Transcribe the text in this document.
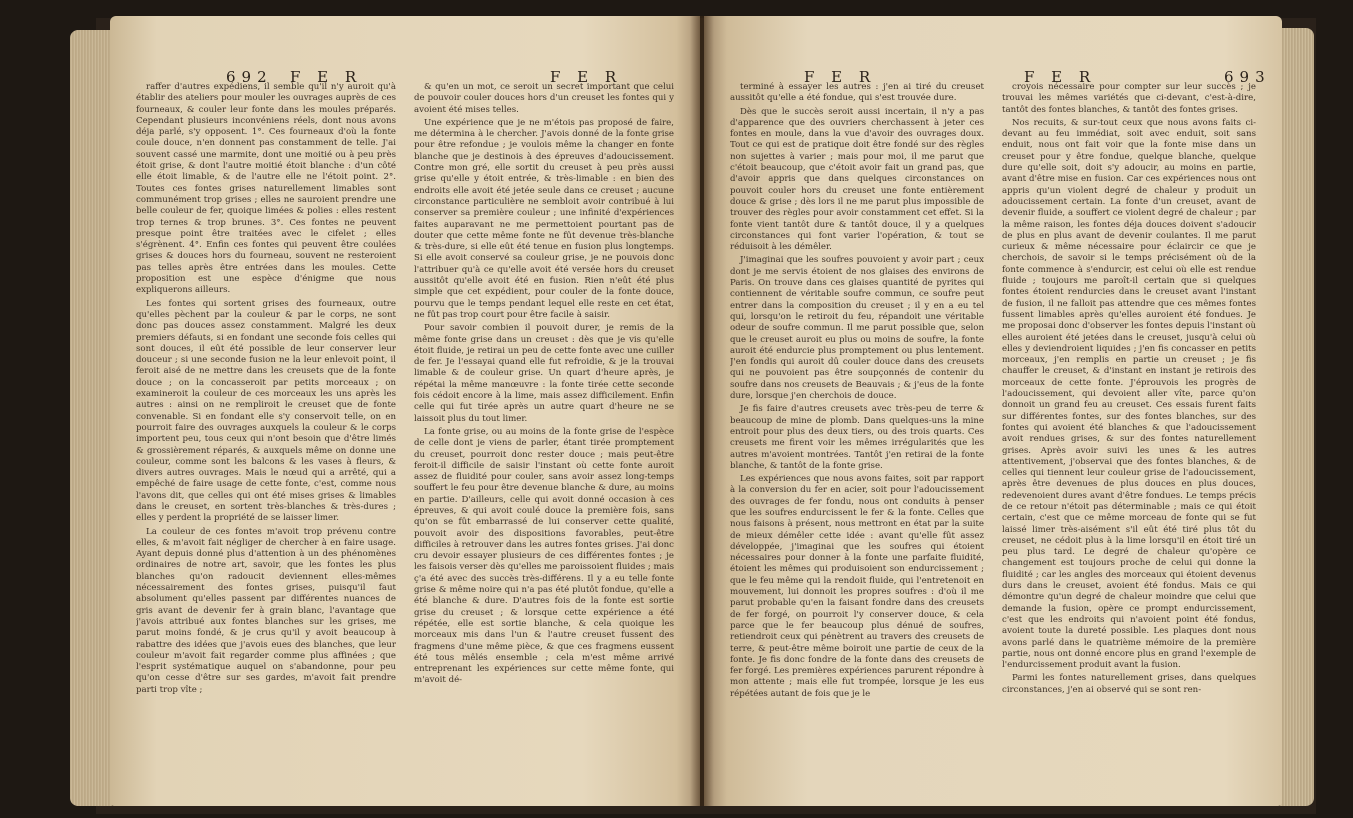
692 F E R	F E R

raffer d'autres expédiens, il semble qu'il n'y auroit qu'à établir des ateliers pour mouler les ouvrages auprès de ces fourneaux, & couler leur fonte dans les moules préparés. Cependant plusieurs inconvéniens réels, dont nous avons déja parlé, s'y opposent. 1°. Ces fourneaux d'où la fonte coule douce, n'en donnent pas constamment de telle. J'ai souvent cassé une marmite, dont une moitié ou à peu près étoit grise, & dont l'autre moitié étoit blanche : d'un côté elle étoit limable, & de l'autre elle ne l'étoit point. 2°. Toutes ces fontes grises naturellement limables sont communément trop grises ; elles ne sauroient prendre une belle couleur de fer, quoique limées & polies : elles restent trop ternes & trop brunes. 3°. Ces fontes ne peuvent presque point être traitées avec le cifelet ; elles s'égrènent. 4°. Enfin ces fontes qui peuvent être coulées grises & douces hors du fourneau, souvent ne resteroient pas telles après être entrées dans les moules. Cette proposition est une espèce d'énigme que nous expliquerons ailleurs.

Les fontes qui sortent grises des fourneaux, outre qu'elles pèchent par la couleur & par le corps, ne sont donc pas douces assez constamment. Malgré les deux premiers défauts, si en fondant une seconde fois celles qui sont douces, il eût été possible de leur conserver leur douceur ; si une seconde fusion ne la leur enlevoit point, il feroit aisé de ne mettre dans les creusets que de la fonte douce ; on la concasseroit par petits morceaux ; on examineroit la couleur de ces morceaux les uns après les autres : ainsi on ne rempliroit le creuset que de fonte convenable. Si en fondant elle s'y conservoit telle, on en pourroit faire des ouvrages auxquels la couleur & le corps importent peu, tous ceux qui n'ont besoin que d'être limés & grossièrement réparés, & auxquels même on donne une couleur, comme sont les balcons & les vases à fleurs, & divers autres ouvrages. Mais le nœud qui a arrêté, qui a empêché de faire usage de cette fonte, c'est, comme nous l'avons dit, que celles qui ont été mises grises & limables dans le creuset, en sortent très-blanches & très-dures ; elles y perdent la propriété de se laisser limer.

La couleur de ces fontes m'avoit trop prévenu contre elles, & m'avoit fait négliger de chercher à en faire usage. Ayant depuis donné plus d'attention à un des phénomènes ordinaires de notre art, savoir, que les fontes les plus blanches qu'on radoucit deviennent elles-mêmes nécessairement des fontes grises, puisqu'il faut absolument qu'elles passent par différentes nuances de gris avant de devenir fer à grain blanc, l'avantage que j'avois attribué aux fontes blanches sur les grises, me parut moins fondé, & je crus qu'il y avoit beaucoup à rabattre des idées que j'avois eues des blanches, que leur couleur m'avoit fait regarder comme plus affinées ; que l'esprit systématique auquel on s'abandonne, pour peu qu'on cesse d'être sur ses gardes, m'avoit fait prendre parti trop vîte ;

& qu'en un mot, ce seroit un secret important que celui de pouvoir couler douces hors d'un creuset les fontes qui y avoient été mises telles.

Une expérience que je ne m'étois pas proposé de faire, me détermina à le chercher. J'avois donné de la fonte grise pour être refondue ; je voulois même la changer en fonte blanche que je destinois à des épreuves d'adoucissement. Contre mon gré, elle sortit du creuset à peu près aussi grise qu'elle y étoit entrée, & très-limable : en bien des endroits elle avoit été jetée seule dans ce creuset ; aucune circonstance particulière ne sembloit avoir contribué à lui conserver sa première couleur ; une infinité d'expériences faites auparavant ne me permettoient pourtant pas de douter que cette même fonte ne fût devenue très-blanche & très-dure, si elle eût été tenue en fusion plus longtemps. Si elle avoit conservé sa couleur grise, je ne pouvois donc l'attribuer qu'à ce qu'elle avoit été versée hors du creuset aussitôt qu'elle avoit été en fusion. Rien n'eût été plus simple que cet expédient, pour couler de la fonte douce, pourvu que le temps pendant lequel elle reste en cet état, ne fût pas trop court pour être facile à saisir.

Pour savoir combien il pouvoit durer, je remis de la même fonte grise dans un creuset : dès que je vis qu'elle étoit fluide, je retirai un peu de cette fonte avec une cuiller de fer. Je l'essayai quand elle fut refroidie, & je la trouvai limable & de couleur grise. Un quart d'heure après, je répétai la même manœuvre : la fonte tirée cette seconde fois cédoit encore à la lime, mais assez difficilement. Enfin celle qui fut tirée après un autre quart d'heure ne se laissoit plus du tout limer.

La fonte grise, ou au moins de la fonte grise de l'espèce de celle dont je viens de parler, étant tirée promptement du creuset, pourroit donc rester douce ; mais peut-être feroit-il difficile de saisir l'instant où cette fonte auroit assez de fluidité pour couler, sans avoir assez long-temps souffert le feu pour être devenue blanche & dure, au moins en partie. D'ailleurs, celle qui avoit donné occasion à ces épreuves, & qui avoit coulé douce la première fois, sans qu'on se fût embarrassé de lui conserver cette qualité, pouvoit avoir des dispositions favorables, peut-être difficiles à retrouver dans les autres fontes grises. J'ai donc cru devoir essayer plusieurs de ces différentes fontes ; je les faisois verser dès qu'elles me paroissoient fluides ; mais ç'a été avec des succès très-différens. Il y a eu telle fonte grise & même noire qui n'a pas été plutôt fondue, qu'elle a été blanche & dure. D'autres fois de la fonte est sortie grise du creuset ; & lorsque cette expérience a été répétée, elle est sortie blanche, & cela quoique les morceaux mis dans l'un & l'autre creuset fussent des fragmens d'une même pièce, & que ces fragmens eussent été tous mêlés ensemble ; cela m'est même arrivé entreprenant les expériences sur cette même fonte, qui m'avoit dé-

F E R	F E R	693

terminé à essayer les autres : j'en ai tiré du creuset aussitôt qu'elle a été fondue, qui s'est trouvée dure.

Dès que le succès seroit aussi incertain, il n'y a pas d'apparence que des ouvriers cherchassent à jeter ces fontes en moule, dans la vue d'avoir des ouvrages doux. Tout ce qui est de pratique doit être fondé sur des règles non sujettes à varier ; mais pour moi, il me parut que c'étoit beaucoup, que c'étoit avoir fait un grand pas, que d'avoir appris que dans quelques circonstances on pouvoit couler hors du creuset une fonte entièrement douce & grise ; dès lors il ne me parut plus impossible de trouver des règles pour avoir constamment cet effet. Si la fonte vient tantôt dure & tantôt douce, il y a quelques circonstances qui font varier l'opération, & tout se réduisoit à les démêler.

J'imaginai que les soufres pouvoient y avoir part ; ceux dont je me servis étoient de nos glaises des environs de Paris. On trouve dans ces glaises quantité de pyrites qui contiennent de véritable soufre commun, ce soufre peut entrer dans la composition du creuset ; il y en a eu tel qui, lorsqu'on le retiroit du feu, répandoit une véritable odeur de soufre commun. Il me parut possible que, selon que le creuset auroit eu plus ou moins de soufre, la fonte auroit été endurcie plus promptement ou plus lentement. J'en fondis qui auroit dû couler douce dans des creusets qui ne pouvoient pas être soupçonnés de contenir du soufre dans nos creusets de Beauvais ; & j'eus de la fonte dure, lorsque j'en cherchois de douce.

Je fis faire d'autres creusets avec très-peu de terre & beaucoup de mine de plomb. Dans quelques-uns la mine entroit pour plus des deux tiers, ou des trois quarts. Ces creusets me firent voir les mêmes irrégularités que les autres m'avoient montrées. Tantôt j'en retirai de la fonte blanche, & tantôt de la fonte grise.

Les expériences que nous avons faites, soit par rapport à la conversion du fer en acier, soit pour l'adoucissement des ouvrages de fer fondu, nous ont conduits à penser que les soufres endurcissent le fer & la fonte. Celles que nous faisons à présent, nous mettront en état par la suite de mieux démêler cette idée : avant qu'elle fût assez développée, j'imaginai que les soufres qui étoient nécessaires pour donner à la fonte une parfaite fluidité, étoient les mêmes qui produisoient son endurcissement ; que le feu même qui la rendoit fluide, qui l'entretenoit en mouvement, lui donnoit les propres soufres : d'où il me parut probable qu'en la faisant fondre dans des creusets de fer forgé, on pourroit l'y conserver douce, & cela parce que le fer beaucoup plus dénué de soufres, retiendroit ceux qui pénètrent au travers des creusets de terre, & peut-être même boiroit une partie de ceux de la fonte. Je fis donc fondre de la fonte dans des creusets de fer forgé. Les premières expériences parurent répondre à mon attente ; mais elle fut trompée, lorsque je les eus répétées autant de fois que je le

croyois nécessaire pour compter sur leur succès ; je trouvai les mêmes variétés que ci-devant, c'est-à-dire, tantôt des fontes blanches, & tantôt des fontes grises.

Nos recuits, & sur-tout ceux que nous avons faits ci-devant au feu immédiat, soit avec enduit, soit sans enduit, nous ont fait voir que la fonte mise dans un creuset pour y être fondue, quelque blanche, quelque dure qu'elle soit, doit s'y adoucir, au moins en partie, avant d'être mise en fusion. Car ces expériences nous ont appris qu'un violent degré de chaleur y produit un adoucissement certain. La fonte d'un creuset, avant de devenir fluide, a souffert ce violent degré de chaleur ; par la même raison, les fontes déja douces doivent s'adoucir de plus en plus avant de devenir coulantes. Il me parut curieux & même nécessaire pour éclaircir ce que je cherchois, de savoir si le temps précisément où de la fonte commence à s'endurcir, est celui où elle est rendue fluide ; toujours me paroît-il certain que si quelques fontes étoient rendurcies dans le creuset avant l'instant de fusion, il ne falloit pas attendre que ces mêmes fontes fussent limables après qu'elles auroient été fondues. Je me proposai donc d'observer les fontes depuis l'instant où elles auroient été jetées dans le creuset, jusqu'à celui où elles y deviendroient liquides ; j'en fis concasser en petits morceaux, j'en remplis en partie un creuset ; je fis chauffer le creuset, & d'instant en instant je retirois des morceaux de cette fonte. J'éprouvois les progrès de l'adoucissement, qui devoient aller vîte, parce qu'on donnoit un grand feu au creuset. Ces essais furent faits sur différentes fontes, sur des fontes blanches, sur des fontes qui avoient été blanches & que l'adoucissement avoit rendues grises, & sur des fontes naturellement grises. Après avoir suivi les unes & les autres attentivement, j'observai que des fontes blanches, & de celles qui tiennent leur couleur grise de l'adoucissement, après être devenues de plus douces en plus douces, redevenoient dures avant d'être fondues. Le temps précis de ce retour n'étoit pas déterminable ; mais ce qui étoit certain, c'est que ce même morceau de fonte qui se fut laissé limer très-aisément s'il eût été tiré plus tôt du creuset, ne cédoit plus à la lime lorsqu'il en étoit tiré un peu plus tard. Le degré de chaleur qu'opère ce changement est toujours proche de celui qui donne la fluidité ; car les angles des morceaux qui étoient devenus durs dans le creuset, avoient été fondus. Mais ce qui démontre qu'un degré de chaleur moindre que celui que demande la fusion, opère ce prompt endurcissement, c'est que les endroits qui n'avoient point été fondus, avoient toute la dureté possible. Les plaques dont nous avons parlé dans le quatrième mémoire de la première partie, nous ont donné encore plus en grand l'exemple de l'endurcissement produit avant la fusion.

Parmi les fontes naturellement grises, dans quelques circonstances, j'en ai observé qui se sont ren-
